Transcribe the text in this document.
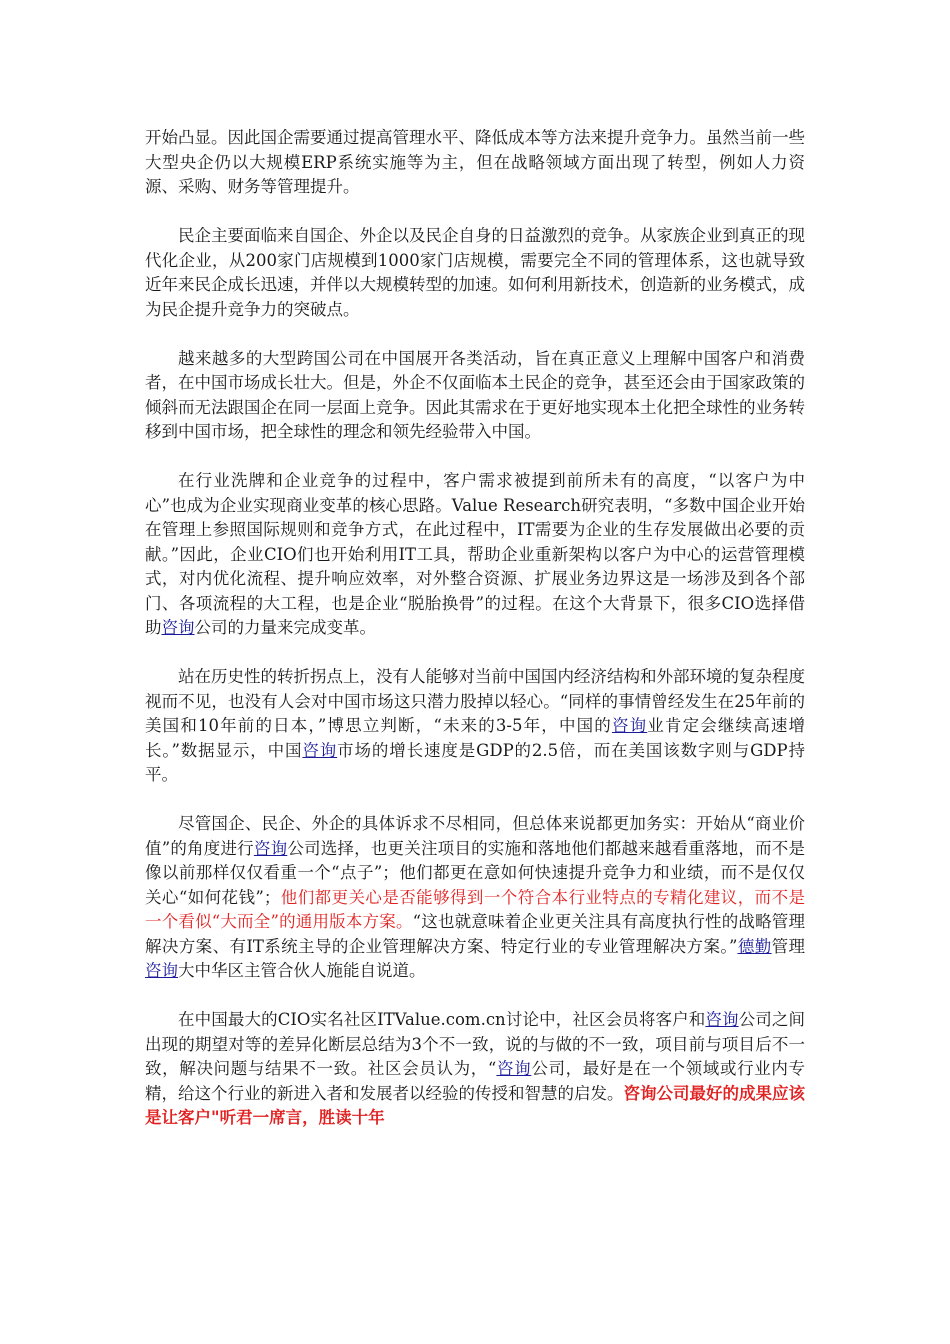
开始凸显。因此国企需要通过提高管理水平、降低成本等方法来提升竞争力。虽然当前一些大型央企仍以大规模ERP系统实施等为主，但在战略领域方面出现了转型，例如人力资源、采购、财务等管理提升。

民企主要面临来自国企、外企以及民企自身的日益激烈的竞争。从家族企业到真正的现代化企业，从200家门店规模到1000家门店规模，需要完全不同的管理体系，这也就导致近年来民企成长迅速，并伴以大规模转型的加速。如何利用新技术，创造新的业务模式，成为民企提升竞争力的突破点。

越来越多的大型跨国公司在中国展开各类活动，旨在真正意义上理解中国客户和消费者，在中国市场成长壮大。但是，外企不仅面临本土民企的竞争，甚至还会由于国家政策的倾斜而无法跟国企在同一层面上竞争。因此其需求在于更好地实现本土化把全球性的业务转移到中国市场，把全球性的理念和领先经验带入中国。

在行业洗牌和企业竞争的过程中，客户需求被提到前所未有的高度，“以客户为中心”也成为企业实现商业变革的核心思路。Value Research研究表明，“多数中国企业开始在管理上参照国际规则和竞争方式，在此过程中，IT需要为企业的生存发展做出必要的贡献。”因此，企业CIO们也开始利用IT工具，帮助企业重新架构以客户为中心的运营管理模式，对内优化流程、提升响应效率，对外整合资源、扩展业务边界这是一场涉及到各个部门、各项流程的大工程，也是企业“脱胎换骨”的过程。在这个大背景下，很多CIO选择借助咨询公司的力量来完成变革。

站在历史性的转折拐点上，没有人能够对当前中国国内经济结构和外部环境的复杂程度视而不见，也没有人会对中国市场这只潜力股掉以轻心。“同样的事情曾经发生在25年前的美国和10年前的日本，”博思立判断，“未来的3-5年，中国的咨询业肯定会继续高速增长。”数据显示，中国咨询市场的增长速度是GDP的2.5倍，而在美国该数字则与GDP持平。

尽管国企、民企、外企的具体诉求不尽相同，但总体来说都更加务实：开始从“商业价值”的角度进行咨询公司选择，也更关注项目的实施和落地他们都越来越看重落地，而不是像以前那样仅仅看重一个“点子”；他们都更在意如何快速提升竞争力和业绩，而不是仅仅关心“如何花钱”；他们都更关心是否能够得到一个符合本行业特点的专精化建议，而不是一个看似“大而全”的通用版本方案。“这也就意味着企业更关注具有高度执行性的战略管理解决方案、有IT系统主导的企业管理解决方案、特定行业的专业管理解决方案。”德勤管理咨询大中华区主管合伙人施能自说道。

在中国最大的CIO实名社区ITValue.com.cn讨论中，社区会员将客户和咨询公司之间出现的期望对等的差异化断层总结为3个不一致，说的与做的不一致，项目前与项目后不一致，解决问题与结果不一致。社区会员认为，“咨询公司，最好是在一个领域或行业内专精，给这个行业的新进入者和发展者以经验的传授和智慧的启发。咨询公司最好的成果应该是让客户"听君一席言，胜读十年
